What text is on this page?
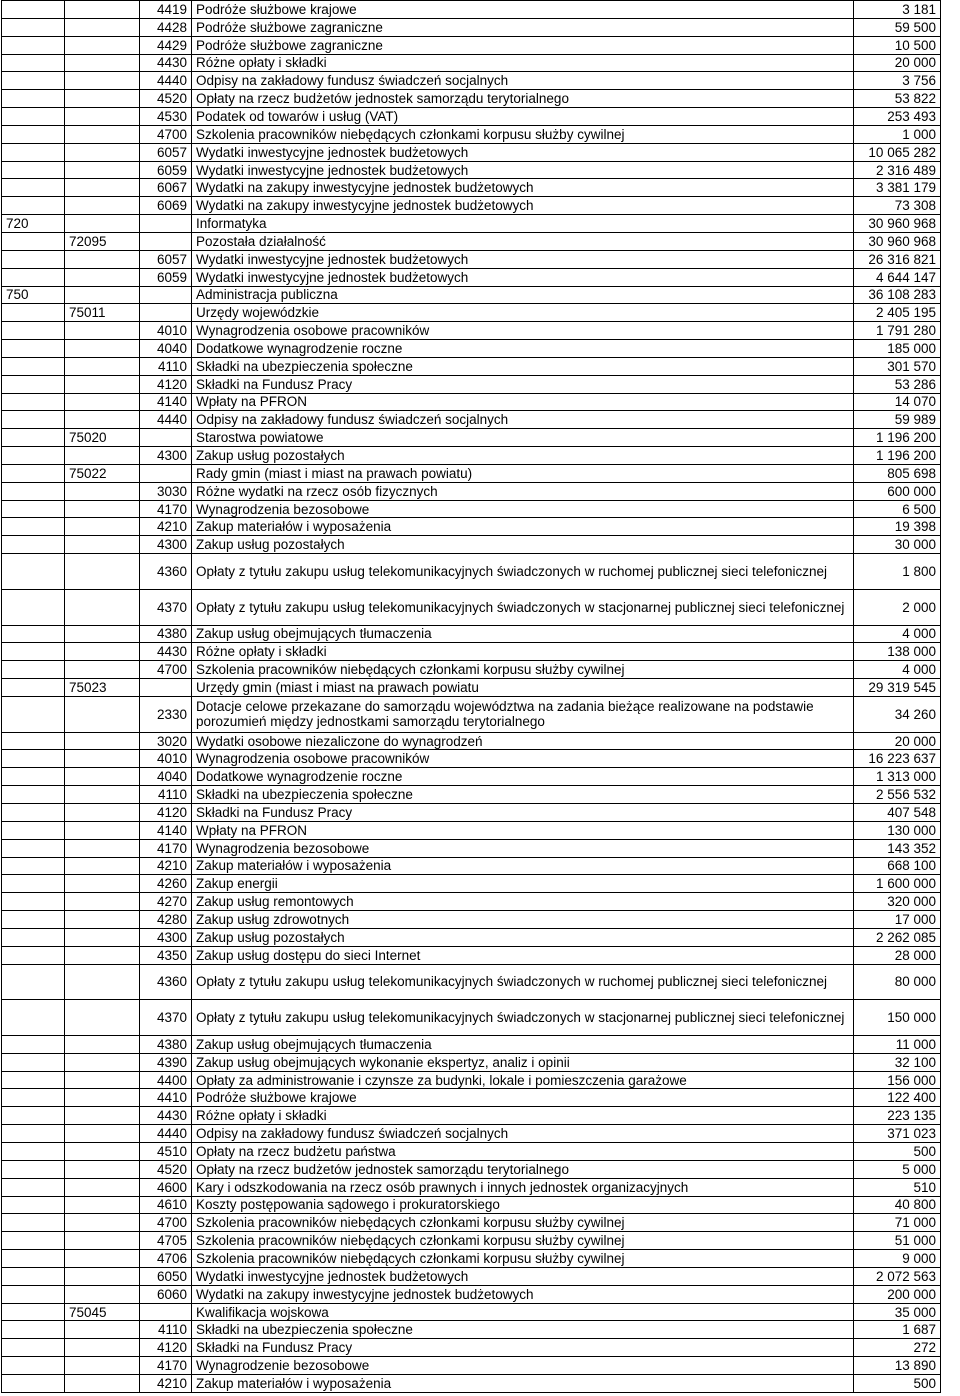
		4419	Podróże służbowe krajowe	3 181
		4428	Podróże służbowe zagraniczne	59 500
		4429	Podróże służbowe zagraniczne	10 500
		4430	Różne opłaty i składki	20 000
		4440	Odpisy na zakładowy fundusz świadczeń socjalnych	3 756
		4520	Opłaty na rzecz budżetów jednostek samorządu terytorialnego	53 822
		4530	Podatek od towarów i usług (VAT)	253 493
		4700	Szkolenia pracowników niebędących członkami korpusu służby cywilnej	1 000
		6057	Wydatki inwestycyjne jednostek budżetowych	10 065 282
		6059	Wydatki inwestycyjne jednostek budżetowych	2 316 489
		6067	Wydatki na zakupy inwestycyjne jednostek budżetowych	3 381 179
		6069	Wydatki na zakupy inwestycyjne jednostek budżetowych	73 308
720			Informatyka	30 960 968
	72095		Pozostała działalność	30 960 968
		6057	Wydatki inwestycyjne jednostek budżetowych	26 316 821
		6059	Wydatki inwestycyjne jednostek budżetowych	4 644 147
750			Administracja publiczna	36 108 283
	75011		Urzędy wojewódzkie	2 405 195
		4010	Wynagrodzenia osobowe pracowników	1 791 280
		4040	Dodatkowe wynagrodzenie roczne	185 000
		4110	Składki na ubezpieczenia społeczne	301 570
		4120	Składki na Fundusz Pracy	53 286
		4140	Wpłaty na PFRON	14 070
		4440	Odpisy na zakładowy fundusz świadczeń socjalnych	59 989
	75020		Starostwa powiatowe	1 196 200
		4300	Zakup usług pozostałych	1 196 200
	75022		Rady gmin (miast i miast na prawach powiatu)	805 698
		3030	Różne wydatki na rzecz osób fizycznych	600 000
		4170	Wynagrodzenia bezosobowe	6 500
		4210	Zakup materiałów i wyposażenia	19 398
		4300	Zakup usług pozostałych	30 000
		4360	Opłaty z tytułu zakupu usług telekomunikacyjnych świadczonych w ruchomej publicznej sieci telefonicznej	1 800
		4370	Opłaty z tytułu zakupu usług telekomunikacyjnych świadczonych w stacjonarnej publicznej sieci telefonicznej	2 000
		4380	Zakup usług obejmujących tłumaczenia	4 000
		4430	Różne opłaty i składki	138 000
		4700	Szkolenia pracowników niebędących członkami korpusu służby cywilnej	4 000
	75023		Urzędy gmin (miast i miast na prawach powiatu	29 319 545
		2330	Dotacje celowe przekazane do samorządu województwa na zadania bieżące realizowane na podstawie porozumień między jednostkami samorządu terytorialnego	34 260
		3020	Wydatki osobowe niezaliczone do wynagrodzeń	20 000
		4010	Wynagrodzenia osobowe pracowników	16 223 637
		4040	Dodatkowe wynagrodzenie roczne	1 313 000
		4110	Składki na ubezpieczenia społeczne	2 556 532
		4120	Składki na Fundusz Pracy	407 548
		4140	Wpłaty na PFRON	130 000
		4170	Wynagrodzenia bezosobowe	143 352
		4210	Zakup materiałów i wyposażenia	668 100
		4260	Zakup energii	1 600 000
		4270	Zakup usług remontowych	320 000
		4280	Zakup usług zdrowotnych	17 000
		4300	Zakup usług pozostałych	2 262 085
		4350	Zakup usług dostępu do sieci Internet	28 000
		4360	Opłaty z tytułu zakupu usług telekomunikacyjnych świadczonych w ruchomej publicznej sieci telefonicznej	80 000
		4370	Opłaty z tytułu zakupu usług telekomunikacyjnych świadczonych w stacjonarnej publicznej sieci telefonicznej	150 000
		4380	Zakup usług obejmujących tłumaczenia	11 000
		4390	Zakup usług obejmujących wykonanie ekspertyz, analiz i opinii	32 100
		4400	Opłaty za administrowanie i czynsze za budynki, lokale i pomieszczenia garażowe	156 000
		4410	Podróże służbowe krajowe	122 400
		4430	Różne opłaty i składki	223 135
		4440	Odpisy na zakładowy fundusz świadczeń socjalnych	371 023
		4510	Opłaty na rzecz budżetu państwa	500
		4520	Opłaty na rzecz budżetów jednostek samorządu terytorialnego	5 000
		4600	Kary i odszkodowania na rzecz osób prawnych i innych jednostek organizacyjnych	510
		4610	Koszty postępowania sądowego i prokuratorskiego	40 800
		4700	Szkolenia pracowników niebędących członkami korpusu służby cywilnej	71 000
		4705	Szkolenia pracowników niebędących członkami korpusu służby cywilnej	51 000
		4706	Szkolenia pracowników niebędących członkami korpusu służby cywilnej	9 000
		6050	Wydatki inwestycyjne jednostek budżetowych	2 072 563
		6060	Wydatki na zakupy inwestycyjne jednostek budżetowych	200 000
	75045		Kwalifikacja wojskowa	35 000
		4110	Składki na ubezpieczenia społeczne	1 687
		4120	Składki na Fundusz Pracy	272
		4170	Wynagrodzenie bezosobowe	13 890
		4210	Zakup materiałów i wyposażenia	500
